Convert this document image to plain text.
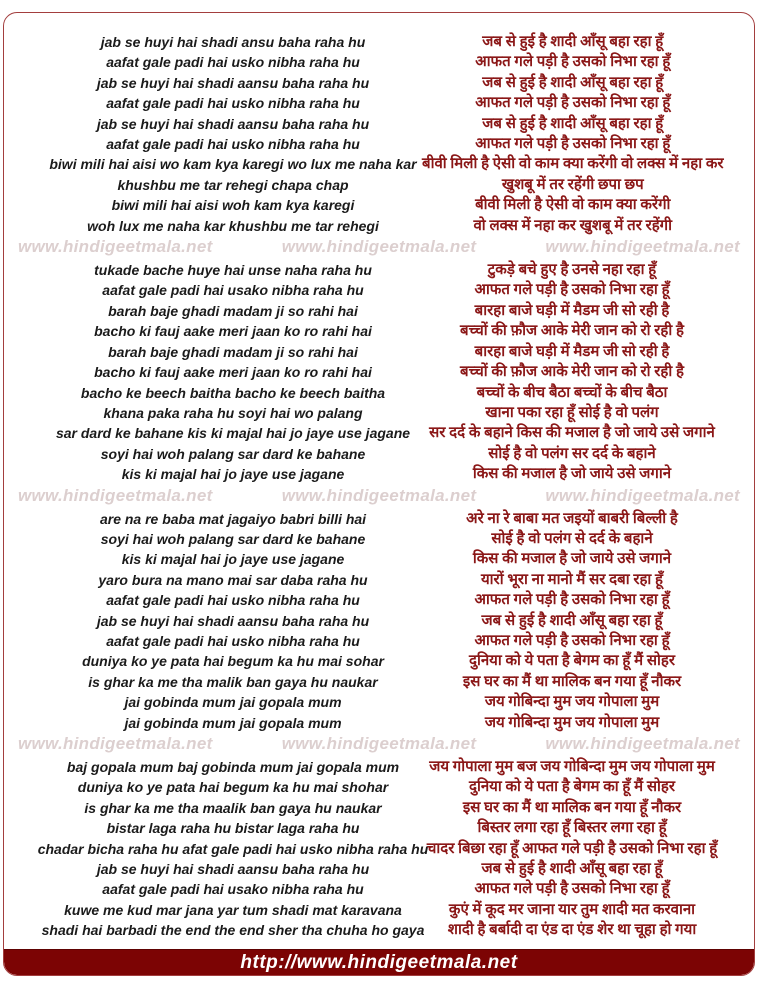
jab se huyi hai shadi ansu baha raha hu
aafat gale padi hai usko nibha raha hu
jab se huyi hai shadi aansu baha raha hu
aafat gale padi hai usko nibha raha hu
jab se huyi hai shadi aansu baha raha hu
aafat gale padi hai usko nibha raha hu
biwi mili hai aisi wo kam kya karegi wo lux me naha kar
khushbu me tar rehegi chapa chap
biwi mili hai aisi woh kam kya karegi
woh lux me naha kar khushbu me tar rehegi
जब से हुई है शादी आँसू बहा रहा हूँ
आफत गले पड़ी है उसको निभा रहा हूँ
जब से हुई है शादी आँसू बहा रहा हूँ
आफत गले पड़ी है उसको निभा रहा हूँ
जब से हुई है शादी आँसू बहा रहा हूँ
आफत गले पड़ी है उसको निभा रहा हूँ
बीवी मिली है ऐसी वो काम क्या करेंगी वो लक्स में नहा कर
खुशबू में तर रहेंगी छपा छप
बीवी मिली है ऐसी वो काम क्या करेंगी
वो लक्स में नहा कर खुशबू में तर रहेंगी
www.hindigeetmala.net	www.hindigeetmala.net	www.hindigeetmala.net
tukade bache huye hai unse naha raha hu
aafat gale padi hai usako nibha raha hu
barah baje ghadi madam ji so rahi hai
bacho ki fauj aake meri jaan ko ro rahi hai
barah baje ghadi madam ji so rahi hai
bacho ki fauj aake meri jaan ko ro rahi hai
bacho ke beech baitha bacho ke beech baitha
khana paka raha hu soyi hai wo palang
sar dard ke bahane kis ki majal hai jo jaye use jagane
soyi hai woh palang sar dard ke bahane
kis ki majal hai jo jaye use jagane
टुकड़े बचे हुए है उनसे नहा रहा हूँ
आफत गले पड़ी है उसको निभा रहा हूँ
बारहा बाजे घड़ी में मैडम जी सो रही है
बच्चों की फ़ौज आके मेरी जान को रो रही है
बारहा बाजे घड़ी में मैडम जी सो रही है
बच्चों की फ़ौज आके मेरी जान को रो रही है
बच्चों के बीच बैठा बच्चों के बीच बैठा
खाना पका रहा हूँ सोई है वो पलंग
सर दर्द के बहाने किस की मजाल है जो जाये उसे जगाने
सोई है वो पलंग सर दर्द के बहाने
किस की मजाल है जो जाये उसे जगाने
www.hindigeetmala.net	www.hindigeetmala.net	www.hindigeetmala.net
are na re baba mat jagaiyo babri billi hai
soyi hai woh palang sar dard ke bahane
kis ki majal hai jo jaye use jagane
yaro bura na mano mai sar daba raha hu
aafat gale padi hai usko nibha raha hu
jab se huyi hai shadi aansu baha raha hu
aafat gale padi hai usko nibha raha hu
duniya ko ye pata hai begum ka hu mai sohar
is ghar ka me tha malik ban gaya hu naukar
jai gobinda mum jai gopala mum
jai gobinda mum jai gopala mum
अरे ना रे बाबा मत जइयों बाबरी बिल्ली है
सोई है वो पलंग से दर्द के बहाने
किस की मजाल है जो जाये उसे जगाने
यारों भूरा ना मानो मैं सर दबा रहा हूँ
आफत गले पड़ी है उसको निभा रहा हूँ
जब से हुई है शादी आँसू बहा रहा हूँ
आफत गले पड़ी है उसको निभा रहा हूँ
दुनिया को ये पता है बेगम का हूँ मैं सोहर
इस घर का मैं था मालिक बन गया हूँ नौकर
जय गोबिन्दा मुम जय गोपाला मुम
जय गोबिन्दा मुम जय गोपाला मुम
www.hindigeetmala.net	www.hindigeetmala.net	www.hindigeetmala.net
baj gopala mum baj gobinda mum jai gopala mum
duniya ko ye pata hai begum ka hu mai shohar
is ghar ka me tha maalik ban gaya hu naukar
bistar laga raha hu bistar laga raha hu
chadar bicha raha hu afat gale padi hai usko nibha raha hu
jab se huyi hai shadi aansu baha raha hu
aafat gale padi hai usako nibha raha hu
kuwe me kud mar jana yar tum shadi mat karavana
shadi hai barbadi the end the end sher tha chuha ho gaya
जय गोपाला मुम बज जय गोबिन्दा मुम जय गोपाला मुम
दुनिया को ये पता है बेगम का हूँ मैं सोहर
इस घर का मैं था मालिक बन गया हूँ नौकर
बिस्तर लगा रहा हूँ बिस्तर लगा रहा हूँ
चादर बिछा रहा हूँ आफत गले पड़ी है उसको निभा रहा हूँ
जब से हुई है शादी आँसू बहा रहा हूँ
आफत गले पड़ी है उसको निभा रहा हूँ
कुएं में कूद मर जाना यार तुम शादी मत करवाना
शादी है बर्बादी दा एंड दा एंड शेर था चूहा हो गया
http://www.hindigeetmala.net
